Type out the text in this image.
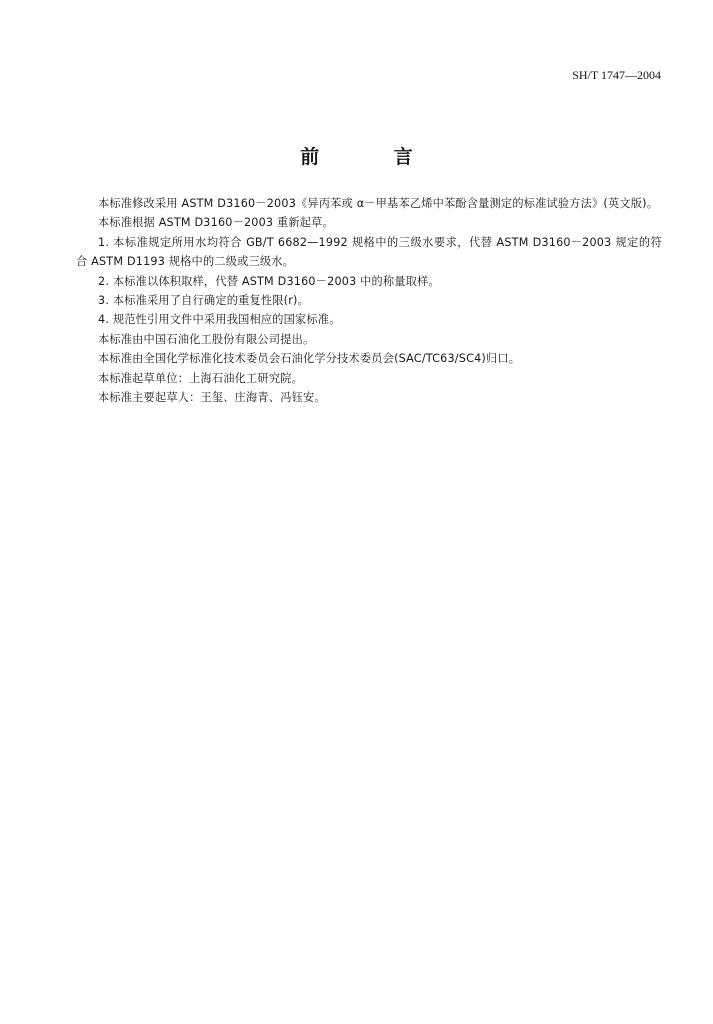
SH/T 1747—2004
前 言

本标准修改采用 ASTM D3160－2003《异丙苯或 α－甲基苯乙烯中苯酚含量测定的标准试验方法》(英文版)。

本标准根据 ASTM D3160－2003 重新起草。

1. 本标准规定所用水均符合 GB/T 6682—1992 规格中的三级水要求，代替 ASTM D3160－2003 规定的符合 ASTM D1193 规格中的二级或三级水。

2. 本标准以体积取样，代替 ASTM D3160－2003 中的称量取样。

3. 本标准采用了自行确定的重复性限(r)。

4. 规范性引用文件中采用我国相应的国家标准。

本标准由中国石油化工股份有限公司提出。

本标准由全国化学标准化技术委员会石油化学分技术委员会(SAC/TC63/SC4)归口。

本标准起草单位：上海石油化工研究院。

本标准主要起草人：王玺、庄海青、冯钰安。
